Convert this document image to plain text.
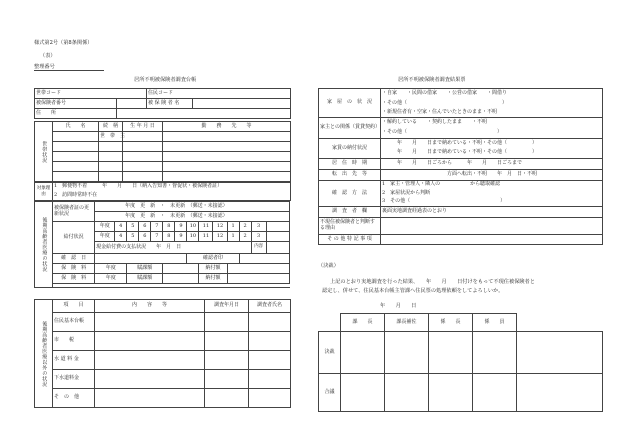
様式第2号（第8条関係）
（表）
整理番号
居所不明被保険者調査台帳	居所不明被保険者調査結果票
世帯コード		住民コード	
被保険者番号		被 保 険 者 名	
住　　所			
世帯状況	氏　　名	続　柄	生 年 月 日	勤　　務　　先　　等
		世　帯　主		

対象理由	1　郵便物不着　　　年　　月　　日（納入告知書・督促状・被保険者証）
2　訪問時常時不在
後期高齢者医療の状況	被保険者証の更新状況	年度　更　新　・　未更新　（郵送・未接認）													
		年度　更　新　・　未更新　（郵送・未接認）													
	給付状況	年度	4	5	6	7	8	9	10	11	12	1	2	3	
		年度	4	5	6	7	8	9	10	11	12	1	2	3	
		現金給付費の支払状況　　年　月　日												内容	
	確　認　日								確認者印						
	保　険　料	年度		賦課額						納付額					
	保　険　料	年度		賦課額						納付額					

後期高齢者医療以外の状況	項　　目	内　　容　　等	調査年月日	調査者氏名
	住民基本台帳			
	市　　税			
	水 道 料 金			
	下水道料金			
	そ　の　他			
家　屋　の　状　況	・自家　　・民間の借家　　・公営の借家　　・間借り
	・その他（　　　　　　　　　　　　　　　　　　　）
	・新規住者有・空家・住んでいたときのまま・不明
家主との関係（賃貸契約）	・解約している　　・契約したまま　　・不明
	・その他（　　　　　　　　　　　　　　　　　　）
家賃の納付状況	年　　月　　日まで納めている・不明・その他（　　　　　）
	年　　月　　日まで納めている・不明・その他（　　　　　）
居　住　時　期	年　　月　　日ごろから　　　年　　月　　日ごろまで
転　出　先　等	方面へ転出・不明　　年　月　日・不明
確　認　方　法	1　家主・管理人・隣人の　　　　　　から聴取確認
	2　家屋状況から判断
	3　その他（　　　　　　　　　　　　　　　　　　）
調　査　者　欄	裏面実地調査経過表のとおり
不現住被保険者と判断する理由	
そ の 他 特 記 事 項	
（決裁）
上記のとおり実地調査を行った結果、　　年　　月　　日付けをもって不現住被保険者と
認定し、併せて、住民基本台帳主管課へ住民票の処理依頼をしてよろしいか。
年　　月　　日
	課　　長	課長補佐	係　　長	係　　員	
決裁					
合議					
